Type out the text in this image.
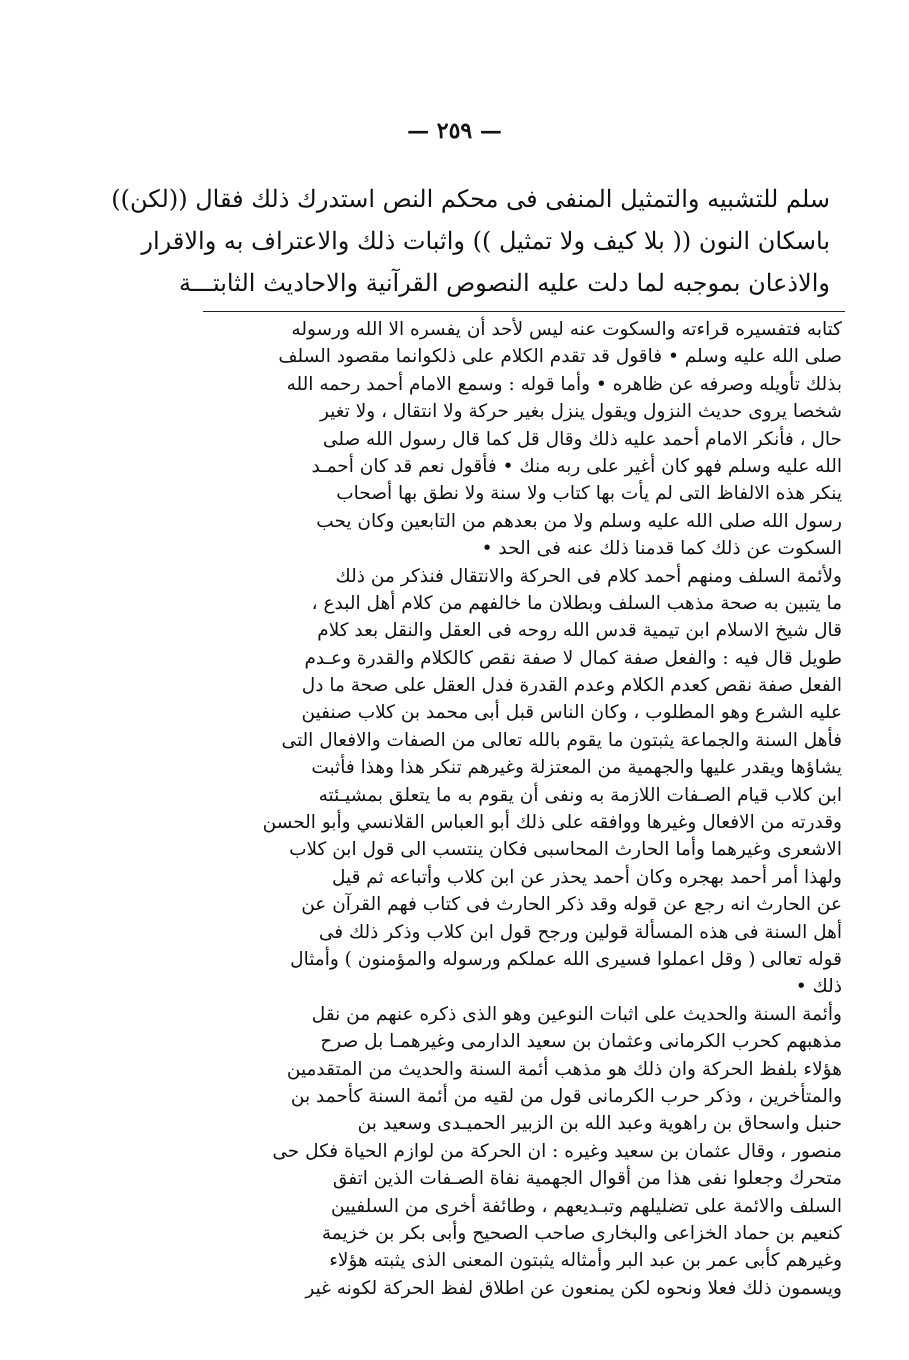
— ٢٥٩ —
سلم للتشبيه والتمثيل المنفى فى محكم النص استدرك ذلك فقال ((لكن))
باسكان النون (( بلا كيف ولا تمثيل )) واثبات ذلك والاعتراف به والاقرار
والاذعان بموجبه لما دلت عليه النصوص القرآنية والاحاديث الثابتـــة
كتابه فتفسيره قراءته والسكوت عنه ليس لأحد أن يفسره الا الله ورسوله
صلى الله عليه وسلم • فاقول قد تقدم الكلام على ذلكوانما مقصود السلف
بذلك تأويله وصرفه عن ظاهره • وأما قوله : وسمع الامام أحمد رحمه الله
شخصا يروى حديث النزول ويقول ينزل بغير حركة ولا انتقال ، ولا تغير
حال ، فأنكر الامام أحمد عليه ذلك وقال قل كما قال رسول الله صلى
الله عليه وسلم فهو كان أغير على ربه منك • فأقول نعم قد كان أحمـد
ينكر هذه الالفاظ التى لم يأت بها كتاب ولا سنة ولا نطق بها أصحاب
رسول الله صلى الله عليه وسلم ولا من بعدهم من التابعين وكان يحب
السكوت عن ذلك كما قدمنا ذلك عنه فى الحد •
ولأئمة السلف ومنهم أحمد كلام فى الحركة والانتقال فنذكر من ذلك
ما يتبين به صحة مذهب السلف وبطلان ما خالفهم من كلام أهل البدع ،
قال شيخ الاسلام ابن تيمية قدس الله روحه فى العقل والنقل بعد كلام
طويل قال فيه : والفعل صفة كمال لا صفة نقص كالكلام والقدرة وعـدم
الفعل صفة نقص كعدم الكلام وعدم القدرة فدل العقل على صحة ما دل
عليه الشرع وهو المطلوب ، وكان الناس قبل أبى محمد بن كلاب صنفين
فأهل السنة والجماعة يثبتون ما يقوم بالله تعالى من الصفات والافعال التى
يشاؤها ويقدر عليها والجهمية من المعتزلة وغيرهم تنكر هذا وهذا فأثبت
ابن كلاب قيام الصـفات اللازمة به ونفى أن يقوم به ما يتعلق بمشيـئته
وقدرته من الافعال وغيرها ووافقه على ذلك أبو العباس القلانسي وأبو الحسن
الاشعرى وغيرهما وأما الحارث المحاسبى فكان ينتسب الى قول ابن كلاب
ولهذا أمر أحمد بهجره وكان أحمد يحذر عن ابن كلاب وأتباعه ثم قيل
عن الحارث انه رجع عن قوله وقد ذكر الحارث فى كتاب فهم القرآن عن
أهل السنة فى هذه المسألة قولين ورجح قول ابن كلاب وذكر ذلك فى
قوله تعالى ( وقل اعملوا فسيرى الله عملكم ورسوله والمؤمنون ) وأمثال
ذلك •
وأئمة السنة والحديث على اثبات النوعين وهو الذى ذكره عنهم من نقل
مذهبهم كحرب الكرمانى وعثمان بن سعيد الدارمى وغيرهمـا بل صرح
هؤلاء بلفظ الحركة وان ذلك هو مذهب أئمة السنة والحديث من المتقدمين
والمتأخرين ، وذكر حرب الكرمانى قول من لقيه من أئمة السنة كأحمد بن
حنبل واسحاق بن راهوية وعبد الله بن الزبير الحميـدى وسعيد بن
منصور ، وقال عثمان بن سعيد وغيره : ان الحركة من لوازم الحياة فكل حى
متحرك وجعلوا نفى هذا من أقوال الجهمية نفاة الصـفات الذين اتفق
السلف والائمة على تضليلهم وتبـديعهم ، وطائفة أخرى من السلفيين
كنعيم بن حماد الخزاعى والبخارى صاحب الصحيح وأبى بكر بن خزيمة
وغيرهم كأبى عمر بن عبد البر وأمثاله يثبتون المعنى الذى يثبته هؤلاء
ويسمون ذلك فعلا ونحوه لكن يمنعون عن اطلاق لفظ الحركة لكونه غير
